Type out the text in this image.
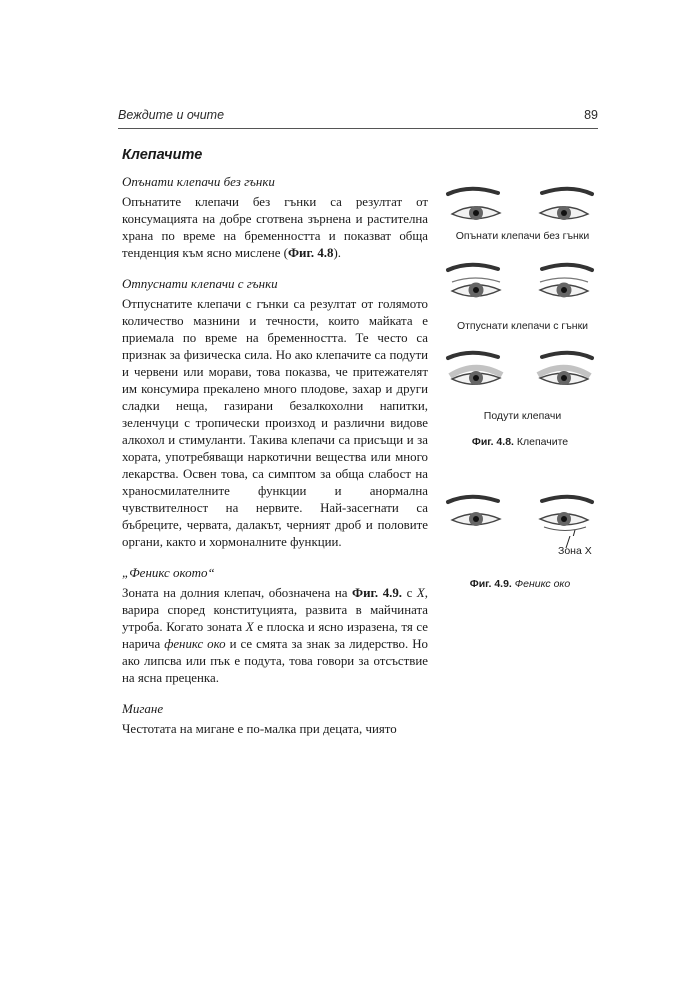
Веждите и очите	89
Клепачите
Опънати клепачи без гънки

Опънатите клепачи без гънки са резултат от консумацията на добре сготвена зърнена и растителна храна по време на бременността и показват обща тенденция към ясно мислене (Фиг. 4.8).

Отпуснати клепачи с гънки

Отпуснатите клепачи с гънки са резултат от голямото количество мазнини и течности, които майката е приемала по време на бременността. Те често са признак за физическа сила. Но ако клепачите са подути и червени или морави, това показва, че притежателят им консумира прекалено много плодове, захар и други сладки неща, газирани безалкохолни напитки, зеленчуци с тропически произход и различни видове алкохол и стимуланти. Такива клепачи са присъщи и за хората, употребяващи наркотични вещества или много лекарства. Освен това, са симптом за обща слабост на храносмилателните функции и анормална чувствителност на нервите. Най-засегнати са бъбреците, червата, далакът, черният дроб и половите органи, както и хормоналните функции.

„Феникс окото“

Зоната на долния клепач, обозначена на Фиг. 4.9. с X, варира според конституцията, развита в майчината утроба. Когато зоната X е плоска и ясно изразена, тя се нарича феникс око и се смята за знак за лидерство. Но ако липсва или пък е подута, това говори за отсъствие на ясна преценка.

Мигане

Честотата на мигане е по-малка при децата, чиято

Опънати клепачи без гънки
Отпуснати клепачи с гънки
Подути клепачи
Фиг. 4.8. Клепачите
Зона Х
Фиг. 4.9. Феникс око
